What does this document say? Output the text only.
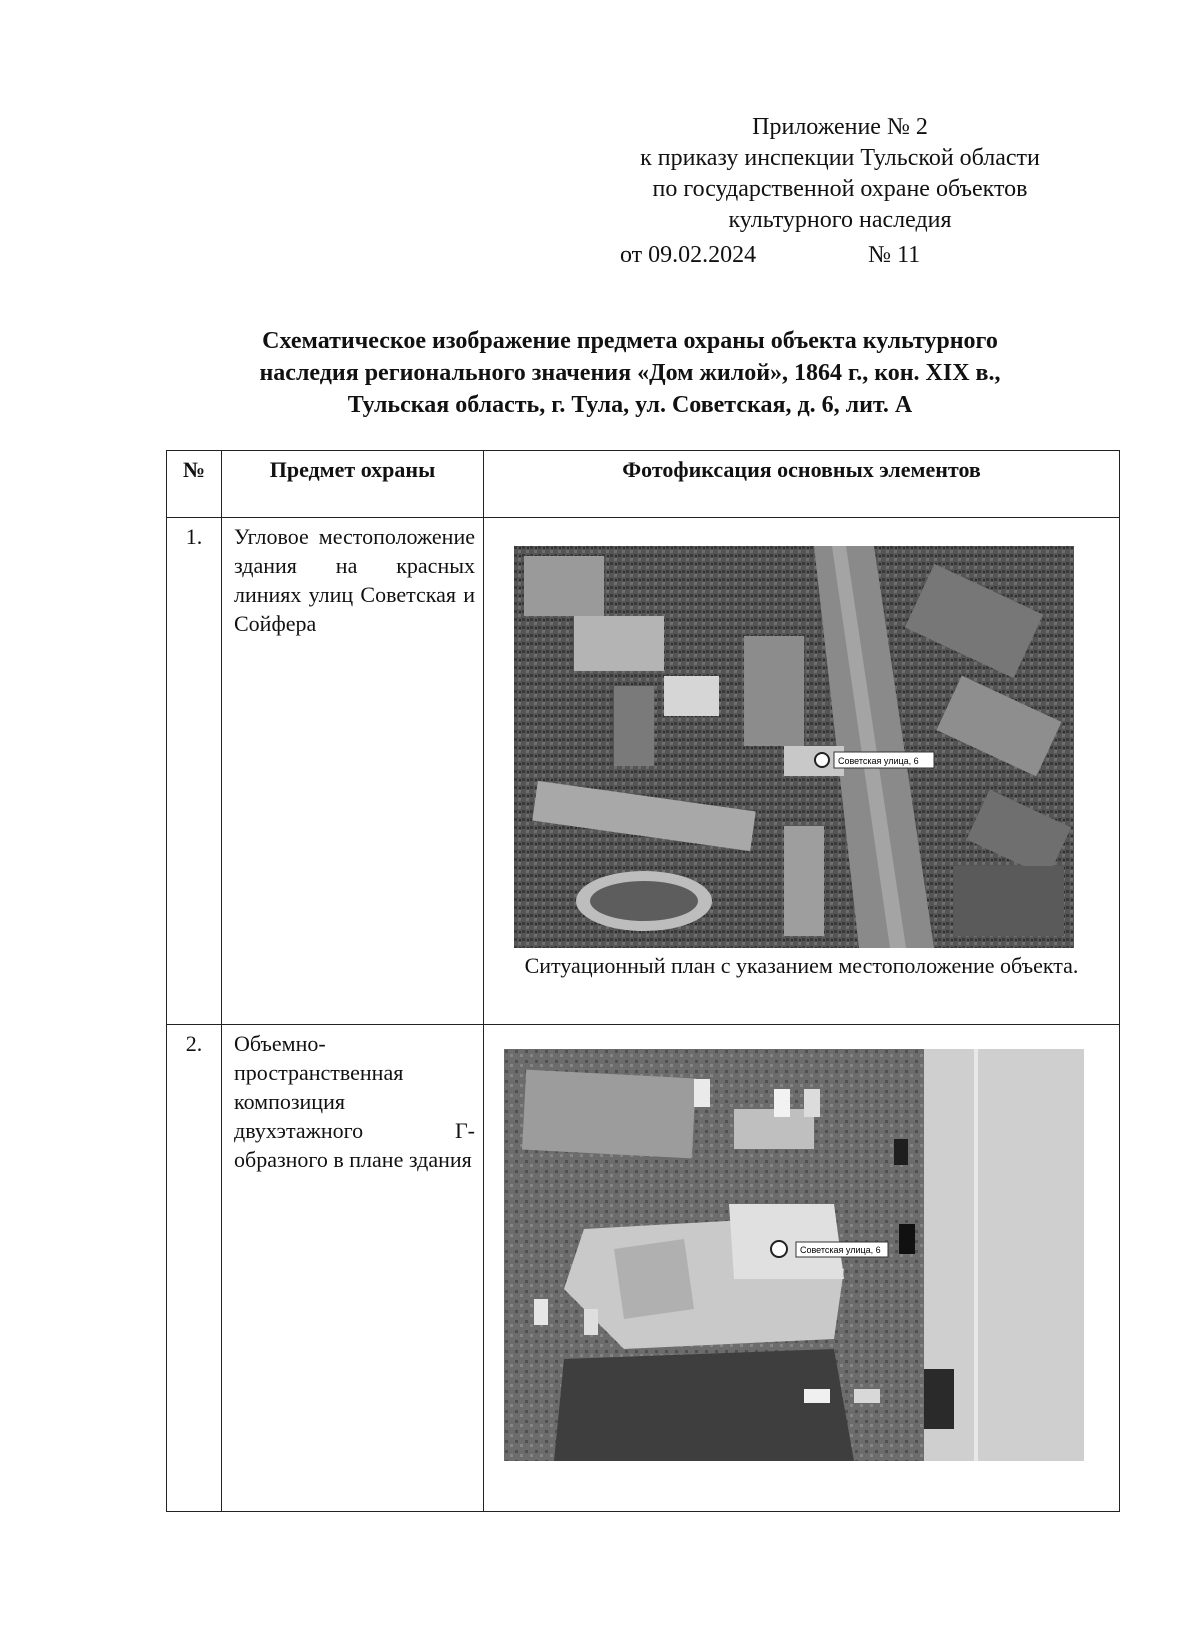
Приложение № 2
к приказу инспекции Тульской области
по государственной охране объектов
культурного наследия
от 09.02.2024	№ 11
Схематическое изображение предмета охраны объекта культурного
наследия регионального значения «Дом жилой», 1864 г., кон. XIX в.,
Тульская область, г. Тула, ул. Советская, д. 6, лит. А
№	Предмет охраны	Фотофиксация основных элементов
1.	Угловое местоположение здания на красных линиях улиц Советская и Сойфера	Советская улица, 6
Ситуационный план с указанием местоположение объекта.

2.	Объемно-пространственная композиция двухэтажного Г-образного в плане здания	Советская улица, 6
